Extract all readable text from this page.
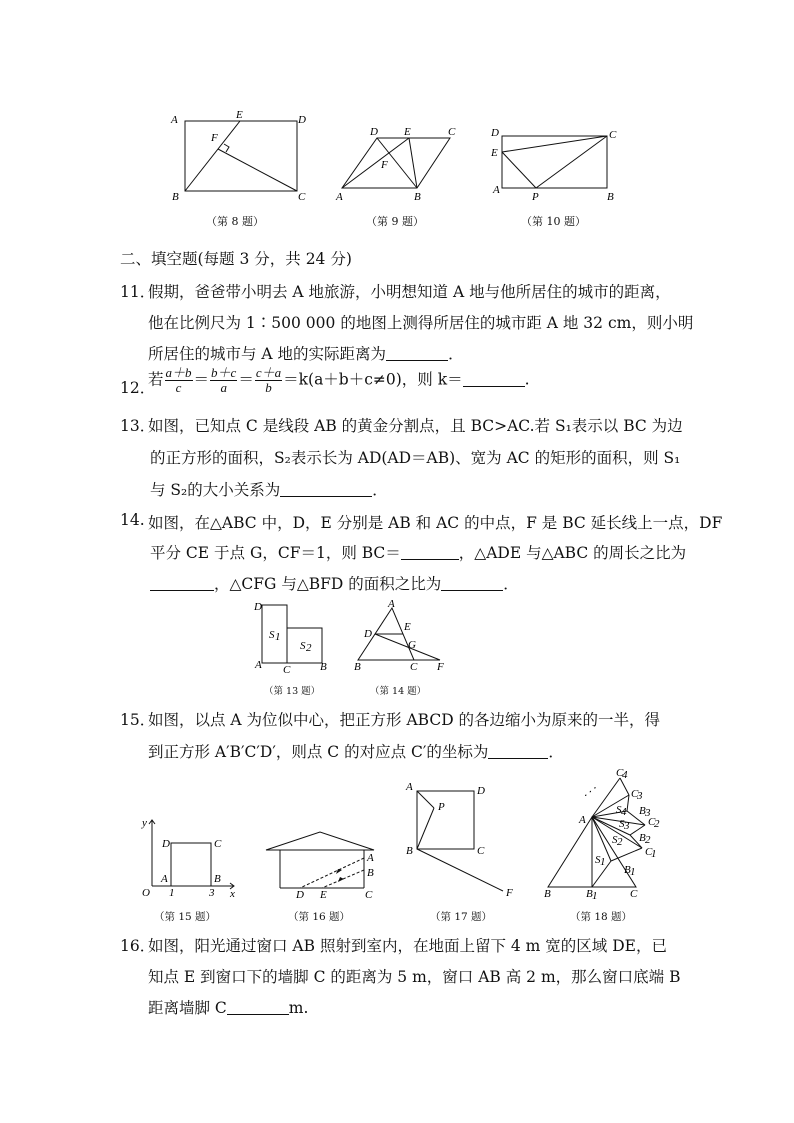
A	E	D
F
B	C
（第 8 题）
D E	C
F
A	B
（第 9 题）
D	C
E
A
P	B
（第 10 题）
二、填空题(每题 3 分，共 24 分)
11．
假期，爸爸带小明去 A 地旅游，小明想知道 A 地与他所居住的城市的距离，
他在比例尺为 1∶500 000 的地图上测得所居住的城市距 A 地 32 cm，则小明
所居住的城市与 A 地的实际距离为	．
12．
若 $\frac{a+b}{c} = \frac{b+c}{a} = \frac{c+a}{b} =k(a+b+c\ne 0)$，则 k＝	.
13．
如图，已知点 C 是线段 AB 的黄金分割点，且 BC>AC.若 S₁表示以 BC 为边
的正方形的面积，S₂表示长为 AD(AD＝AB)、宽为 AC 的矩形的面积，则 S₁
与 S₂的大小关系为	．
14. 如图，在△ABC 中，D，E 分别是 AB 和 AC 的中点，F 是 BC 延长线上一点，DF
平分 CE 于点 G，CF＝1，则 BC＝	，△ADE 与△ABC 的周长之比为
，△CFG 与△BFD 的面积之比为	．
D
S 1
S 2
A C	B
（第 13 题）
A
D
E
G
B	C F
（第 14 题）
15．
如图，以点 A 为位似中心，把正方形 ABCD 的各边缩小为原来的一半，得
到正方形 A′B′C′D′，则点 C 的对应点 C′的坐标为	．
y
x
O
A	B
C
D
1	3
（第 15 题）
A
B
C
D E
（第 16 题）
A	D
P
B	C
F
（第 17 题）
⋰
C
4
C
3
A
S 4 B 3
C
2
S 3
B 2
S 2
C
1
S 1
B 1
B	B 1	C
（第 18 题）
16．
如图，阳光通过窗口 AB 照射到室内，在地面上留下 4 m 宽的区域 DE，已
知点 E 到窗口下的墙脚 C 的距离为 5 m，窗口 AB 高 2 m，那么窗口底端 B
距离墙脚 C	m.
